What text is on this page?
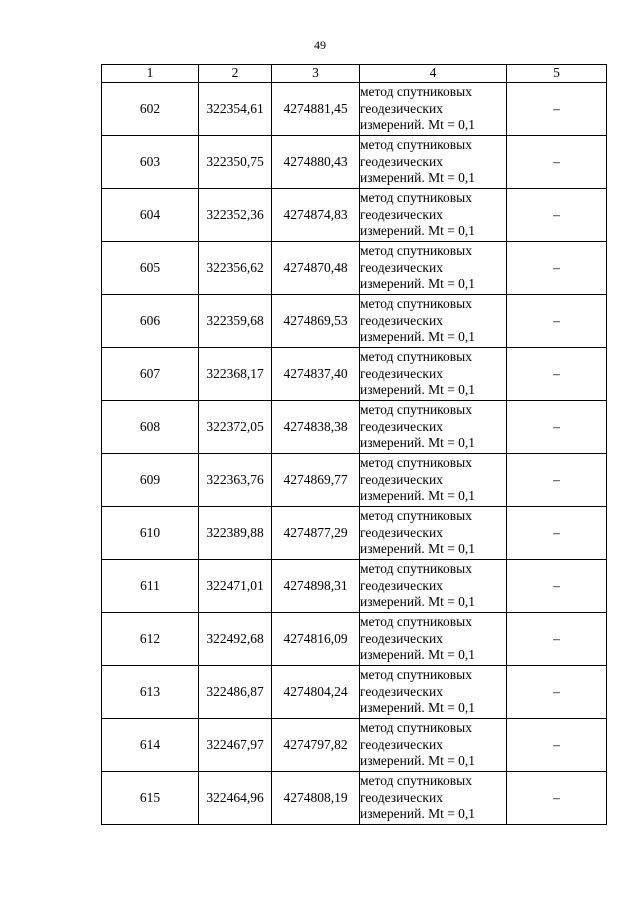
49
1	2	3	4	5
602	322354,61	4274881,45	метод спутниковых
геодезических
измерений. Mt = 0,1	–
603	322350,75	4274880,43	метод спутниковых
геодезических
измерений. Mt = 0,1	–
604	322352,36	4274874,83	метод спутниковых
геодезических
измерений. Mt = 0,1	–
605	322356,62	4274870,48	метод спутниковых
геодезических
измерений. Mt = 0,1	–
606	322359,68	4274869,53	метод спутниковых
геодезических
измерений. Mt = 0,1	–
607	322368,17	4274837,40	метод спутниковых
геодезических
измерений. Mt = 0,1	–
608	322372,05	4274838,38	метод спутниковых
геодезических
измерений. Mt = 0,1	–
609	322363,76	4274869,77	метод спутниковых
геодезических
измерений. Mt = 0,1	–
610	322389,88	4274877,29	метод спутниковых
геодезических
измерений. Mt = 0,1	–
611	322471,01	4274898,31	метод спутниковых
геодезических
измерений. Mt = 0,1	–
612	322492,68	4274816,09	метод спутниковых
геодезических
измерений. Mt = 0,1	–
613	322486,87	4274804,24	метод спутниковых
геодезических
измерений. Mt = 0,1	–
614	322467,97	4274797,82	метод спутниковых
геодезических
измерений. Mt = 0,1	–
615	322464,96	4274808,19	метод спутниковых
геодезических
измерений. Mt = 0,1	–
